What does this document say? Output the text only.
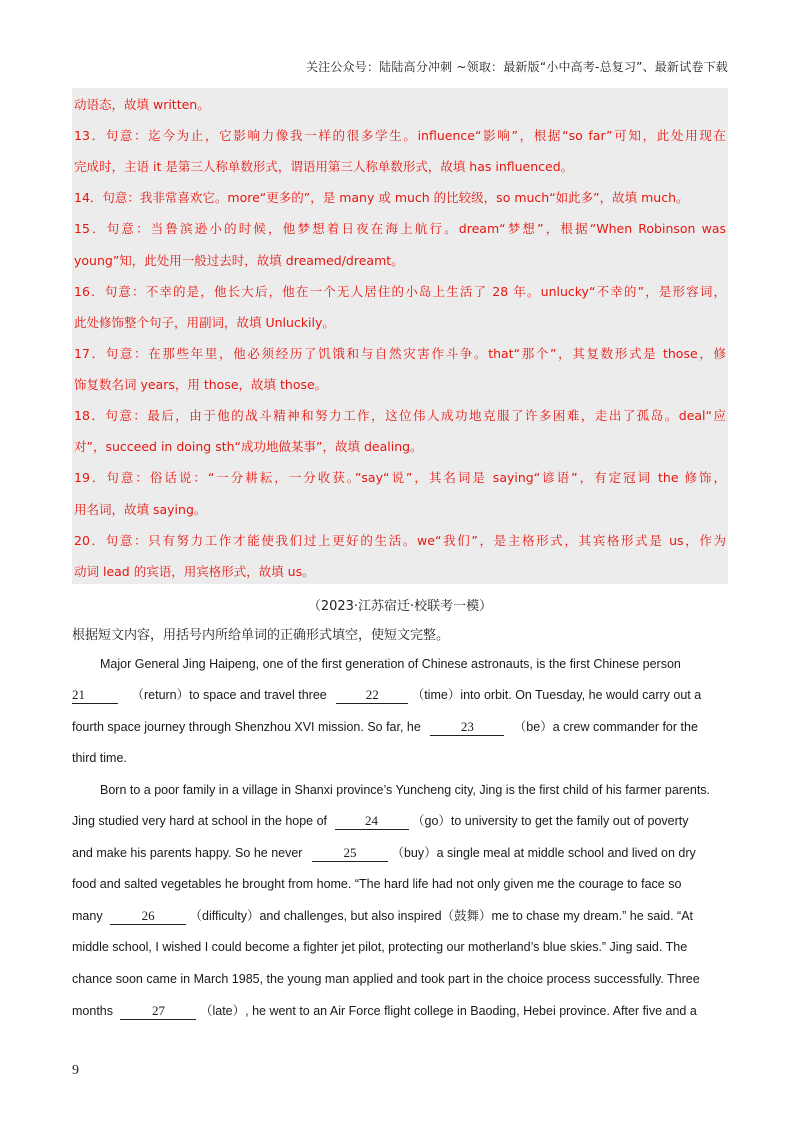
关注公众号：陆陆高分冲刺 ~领取：最新版“小中高考-总复习”、最新试卷下载
动语态，故填 written。
13．句意：迄今为止，它影响力像我一样的很多学生。influence“影响”，根据“so far”可知，此处用现在
完成时，主语 it 是第三人称单数形式，谓语用第三人称单数形式，故填 has influenced。
14．句意：我非常喜欢它。more“更多的”，是 many 或 much 的比较级，so much“如此多”，故填 much。
15．句意：当鲁滨逊小的时候，他梦想着日夜在海上航行。dream“梦想”，根据“When Robinson was
young”知，此处用一般过去时，故填 dreamed/dreamt。
16．句意：不幸的是，他长大后，他在一个无人居住的小岛上生活了 28 年。unlucky“不幸的”，是形容词，
此处修饰整个句子，用副词，故填 Unluckily。
17．句意：在那些年里，他必须经历了饥饿和与自然灾害作斗争。that“那个”，其复数形式是 those，修
饰复数名词 years，用 those，故填 those。
18．句意：最后，由于他的战斗精神和努力工作，这位伟人成功地克服了许多困难，走出了孤岛。deal“应
对”，succeed in doing sth“成功地做某事”，故填 dealing。
19．句意：俗话说：“一分耕耘，一分收获。”say“说”，其名词是 saying“谚语”，有定冠词 the 修饰，
用名词，故填 saying。
20．句意：只有努力工作才能使我们过上更好的生活。we“我们”，是主格形式，其宾格形式是 us，作为
动词 lead 的宾语，用宾格形式，故填 us。
（2023·江苏宿迁·校联考一模）
根据短文内容，用括号内所给单词的正确形式填空，使短文完整。
Major General Jing Haipeng, one of the first generation of Chinese astronauts, is the first Chinese person
21	（return）to space and travel three	22	（time）into orbit. On Tuesday, he would carry out a
fourth space journey through Shenzhou XVI mission. So far, he	23	（be）a crew commander for the
third time.
Born to a poor family in a village in Shanxi province’s Yuncheng city, Jing is the first child of his farmer parents.
Jing studied very hard at school in the hope of	24	（go）to university to get the family out of poverty
and make his parents happy. So he never	25	（buy）a single meal at middle school and lived on dry
food and salted vegetables he brought from home. “The hard life had not only given me the courage to face so
many	26	（difficulty）and challenges, but also inspired（鼓舞）me to chase my dream.” he said. “At
middle school, I wished I could become a fighter jet pilot, protecting our motherland’s blue skies.” Jing said. The
chance soon came in March 1985, the young man applied and took part in the choice process successfully. Three
months	27	（late）, he went to an Air Force flight college in Baoding, Hebei province. After five and a
9
